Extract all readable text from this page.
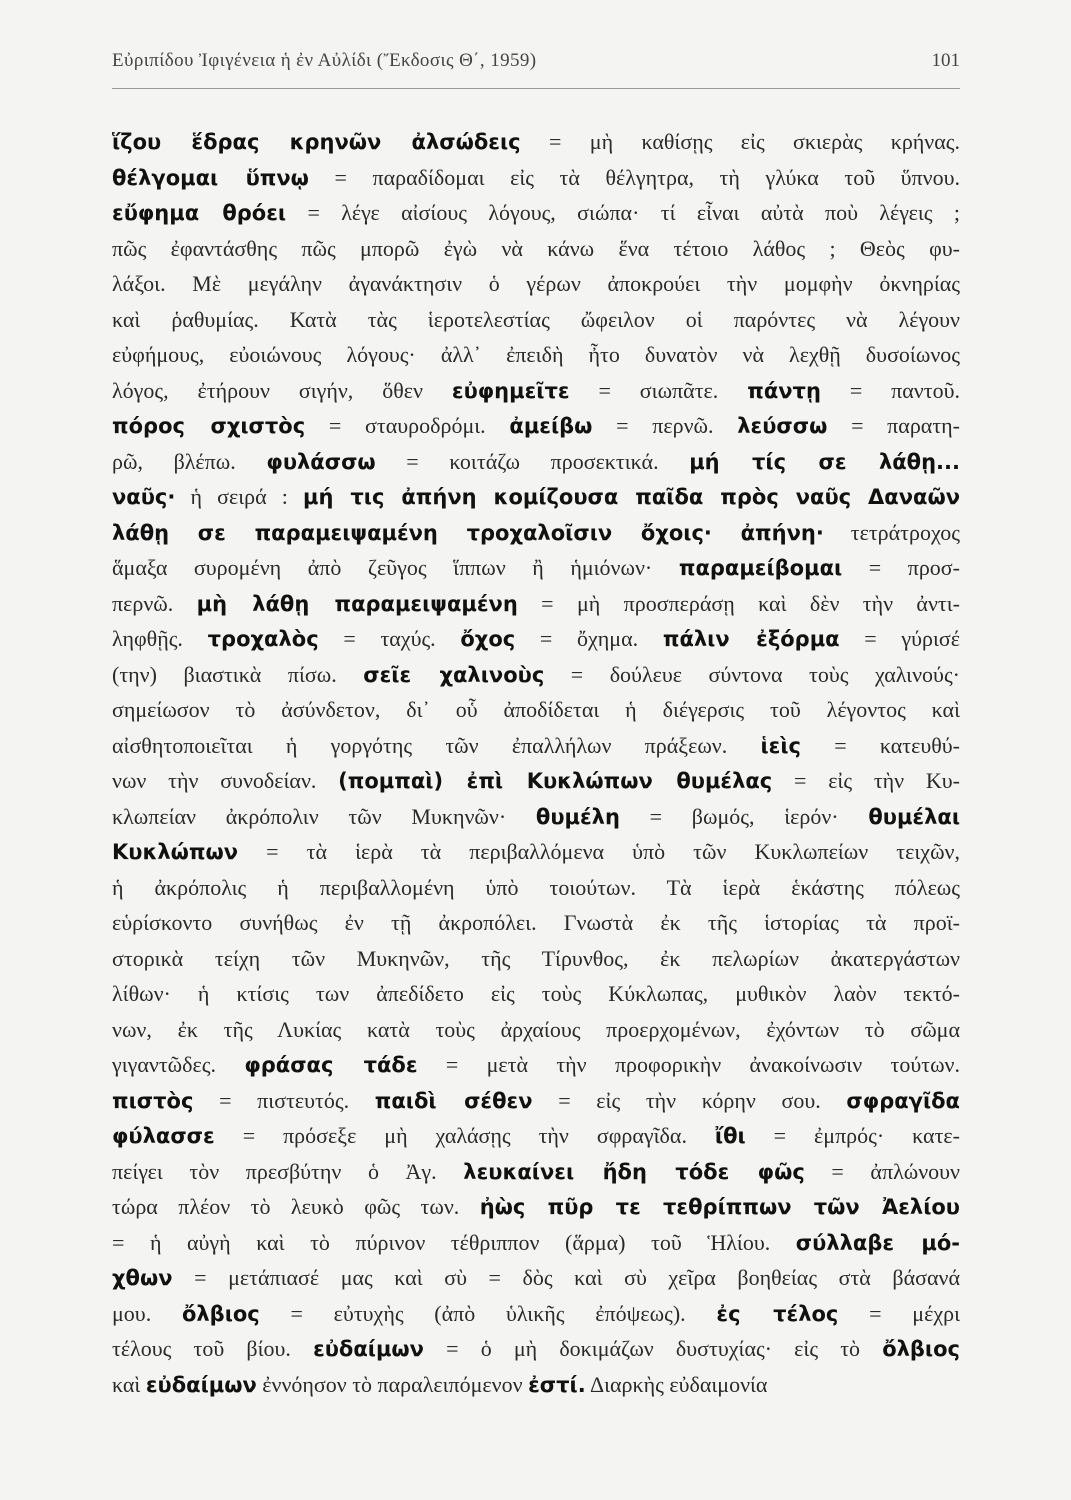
Εὐριπίδου Ἰφιγένεια ἡ ἐν Αὐλίδι (Ἔκδοσις Θ΄, 1959)	101
ἵζου ἕδρας κρηνῶν ἀλσώδεις = μὴ καθίσῃς εἰς σκιερὰς κρήνας.
θέλγομαι ὕπνῳ = παραδίδομαι εἰς τὰ θέλγητρα, τὴ γλύκα τοῦ ὕπνου.
εὔφημα θρόει = λέγε αἰσίους λόγους, σιώπα· τί εἶναι αὐτὰ ποὺ λέγεις ;
πῶς ἐφαντάσθης πῶς μπορῶ ἐγὼ νὰ κάνω ἕνα τέτοιο λάθος ; Θεὸς φυ-
λάξοι. Μὲ μεγάλην ἀγανάκτησιν ὁ γέρων ἀποκρούει τὴν μομφὴν ὀκνηρίας
καὶ ῥαθυμίας. Κατὰ τὰς ἱεροτελεστίας ὤφειλον οἱ παρόντες νὰ λέγουν
εὐφήμους, εὐοιώνους λόγους· ἀλλ᾽ ἐπειδὴ ἦτο δυνατὸν νὰ λεχθῇ δυσοίωνος
λόγος, ἐτήρουν σιγήν, ὅθεν εὐφημεῖτε = σιωπᾶτε. πάντῃ = παντοῦ.
πόρος σχιστὸς = σταυροδρόμι. ἀμείβω = περνῶ. λεύσσω = παρατη-
ρῶ, βλέπω. φυλάσσω = κοιτάζω προσεκτικά. μή τίς σε λάθῃ...
ναῦς· ἡ σειρά : μή τις ἀπήνη κομίζουσα παῖδα πρὸς ναῦς Δαναῶν
λάθῃ σε παραμειψαμένη τροχαλοῖσιν ὄχοις· ἀπήνη· τετράτροχος
ἅμαξα συρομένη ἀπὸ ζεῦγος ἵππων ἢ ἡμιόνων· παραμείβομαι = προσ-
περνῶ. μὴ λάθῃ παραμειψαμένη = μὴ προσπεράσῃ καὶ δὲν τὴν ἀντι-
ληφθῇς. τροχαλὸς = ταχύς. ὄχος = ὄχημα. πάλιν ἐξόρμα = γύρισέ
(την) βιαστικὰ πίσω. σεῖε χαλινοὺς = δούλευε σύντονα τοὺς χαλινούς·
σημείωσον τὸ ἀσύνδετον, δι᾽ οὗ ἀποδίδεται ἡ διέγερσις τοῦ λέγοντος καὶ
αἰσθητοποιεῖται ἡ γοργότης τῶν ἐπαλλήλων πράξεων. ἱεὶς = κατευθύ-
νων τὴν συνοδείαν. (πομπαὶ) ἐπὶ Κυκλώπων θυμέλας = εἰς τὴν Κυ-
κλωπείαν ἀκρόπολιν τῶν Μυκηνῶν· θυμέλη = βωμός, ἱερόν· θυμέλαι
Κυκλώπων = τὰ ἱερὰ τὰ περιβαλλόμενα ὑπὸ τῶν Κυκλωπείων τειχῶν,
ἡ ἀκρόπολις ἡ περιβαλλομένη ὑπὸ τοιούτων. Τὰ ἱερὰ ἑκάστης πόλεως
εὑρίσκοντο συνήθως ἐν τῇ ἀκροπόλει. Γνωστὰ ἐκ τῆς ἱστορίας τὰ προϊ-
στορικὰ τείχη τῶν Μυκηνῶν, τῆς Τίρυνθος, ἐκ πελωρίων ἀκατεργάστων
λίθων· ἡ κτίσις των ἀπεδίδετο εἰς τοὺς Κύκλωπας, μυθικὸν λαὸν τεκτό-
νων, ἐκ τῆς Λυκίας κατὰ τοὺς ἀρχαίους προερχομένων, ἐχόντων τὸ σῶμα
γιγαντῶδες. φράσας τάδε = μετὰ τὴν προφορικὴν ἀνακοίνωσιν τούτων.
πιστὸς = πιστευτός. παιδὶ σέθεν = εἰς τὴν κόρην σου. σφραγῖδα
φύλασσε = πρόσεξε μὴ χαλάσῃς τὴν σφραγῖδα. ἴθι = ἐμπρός· κατε-
πείγει τὸν πρεσβύτην ὁ Ἀγ. λευκαίνει ἤδη τόδε φῶς = ἀπλώνουν
τώρα πλέον τὸ λευκὸ φῶς των. ἠὼς πῦρ τε τεθρίππων τῶν Ἀελίου
= ἡ αὐγὴ καὶ τὸ πύρινον τέθριππον (ἅρμα) τοῦ Ἡλίου. σύλλαβε μό-
χθων = μετάπιασέ μας καὶ σὺ = δὸς καὶ σὺ χεῖρα βοηθείας στὰ βάσανά
μου. ὄλβιος = εὐτυχὴς (ἀπὸ ὑλικῆς ἐπόψεως). ἐς τέλος = μέχρι
τέλους τοῦ βίου. εὐδαίμων = ὁ μὴ δοκιμάζων δυστυχίας· εἰς τὸ ὄλβιος
καὶ εὐδαίμων ἐννόησον τὸ παραλειπόμενον ἐστί. Διαρκὴς εὐδαιμονία
